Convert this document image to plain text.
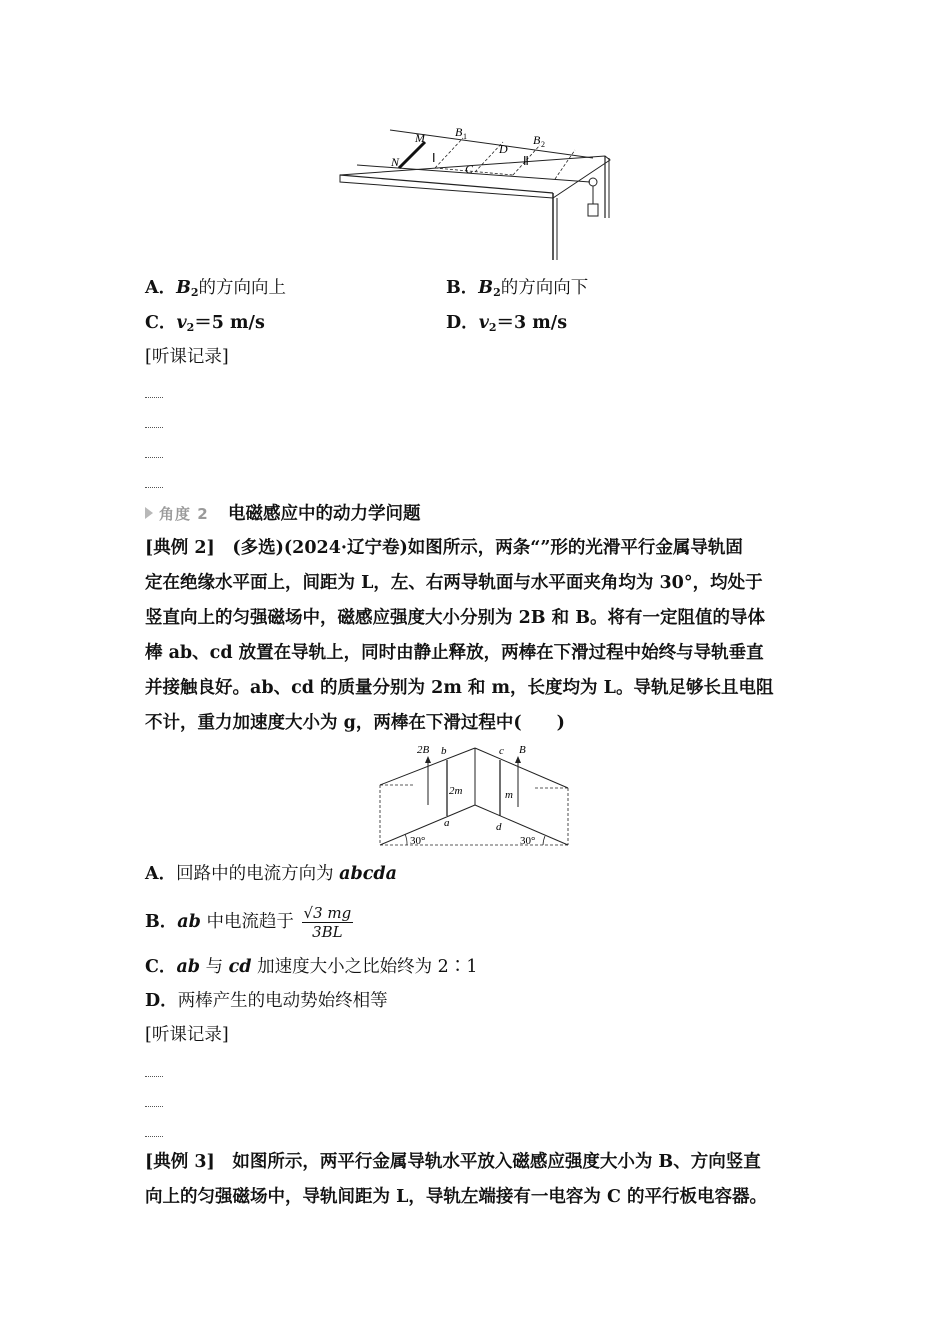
M
N
B 1	B 2
Ⅰ
C
D
Ⅱ
A．$B_2$的方向向上	B．$B_2$的方向向下
C．$v_2=5$ m/s	D．$v_2=3$ m/s
[听课记录]
角度 2 电磁感应中的动力学问题
[典例 2]　(多选)(2024·辽宁卷)如图所示，两条“”形的光滑平行金属导轨固
定在绝缘水平面上，间距为 L，左、右两导轨面与水平面夹角均为 30°，均处于
竖直向上的匀强磁场中，磁感应强度大小分别为 2B 和 B。将有一定阻值的导体
棒 ab、cd 放置在导轨上，同时由静止释放，两棒在下滑过程中始终与导轨垂直
并接触良好。ab、cd 的质量分别为 2m 和 m，长度均为 L。导轨足够长且电阻
不计，重力加速度大小为 g，两棒在下滑过程中(　　)
2B b	c B
2m	m
a	d
30°	30°
A．回路中的电流方向为 abcda
B．ab 中电流趋于 $\frac{√3 mg}{3BL}$
C．ab 与 cd 加速度大小之比始终为 2∶1
D．两棒产生的电动势始终相等
[听课记录]
[典例 3]　如图所示，两平行金属导轨水平放入磁感应强度大小为 B、方向竖直
向上的匀强磁场中，导轨间距为 L，导轨左端接有一电容为 C 的平行板电容器。
